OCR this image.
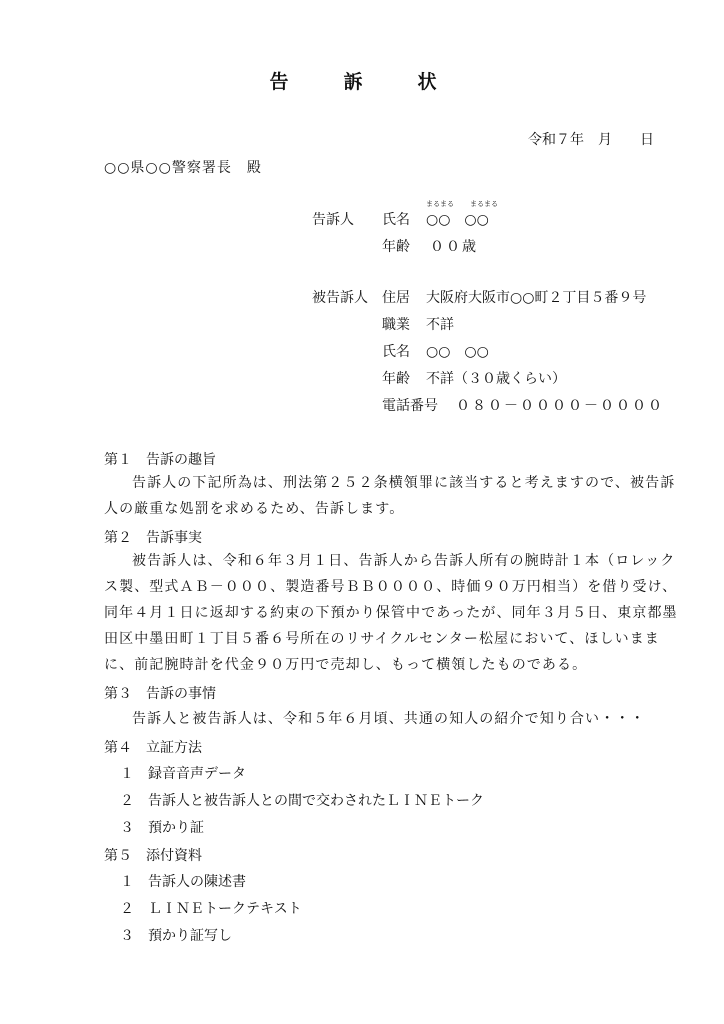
告　訴　状
令和７年　月　　日
○○県○○警察署長　殿
告訴人 氏名
まるまる まるまる
○○　○○
年齢 ００歳
被告訴人 住居 大阪府大阪市○○町２丁目５番９号
職業 不詳
氏名 ○○　○○
年齢 不詳（３０歳くらい）
電話番号 ０８０－００００－００００
第１　告訴の趣旨
告訴人の下記所為は、刑法第２５２条横領罪に該当すると考えますので、被告訴人の厳重な処罰を求めるため、告訴します。
第２　告訴事実
被告訴人は、令和６年３月１日、告訴人から告訴人所有の腕時計１本（ロレックス製、型式ＡＢ－０００、製造番号ＢＢ００００、時価９０万円相当）を借り受け、同年４月１日に返却する約束の下預かり保管中であったが、同年３月５日、東京都墨田区中墨田町１丁目５番６号所在のリサイクルセンター松屋において、ほしいままに、前記腕時計を代金９０万円で売却し、もって横領したものである。
第３　告訴の事情
告訴人と被告訴人は、令和５年６月頃、共通の知人の紹介で知り合い・・・
第４　立証方法
１　録音音声データ
２　告訴人と被告訴人との間で交わされたＬＩＮＥトーク
３　預かり証
第５　添付資料
１　告訴人の陳述書
２　ＬＩＮＥトークテキスト
３　預かり証写し
